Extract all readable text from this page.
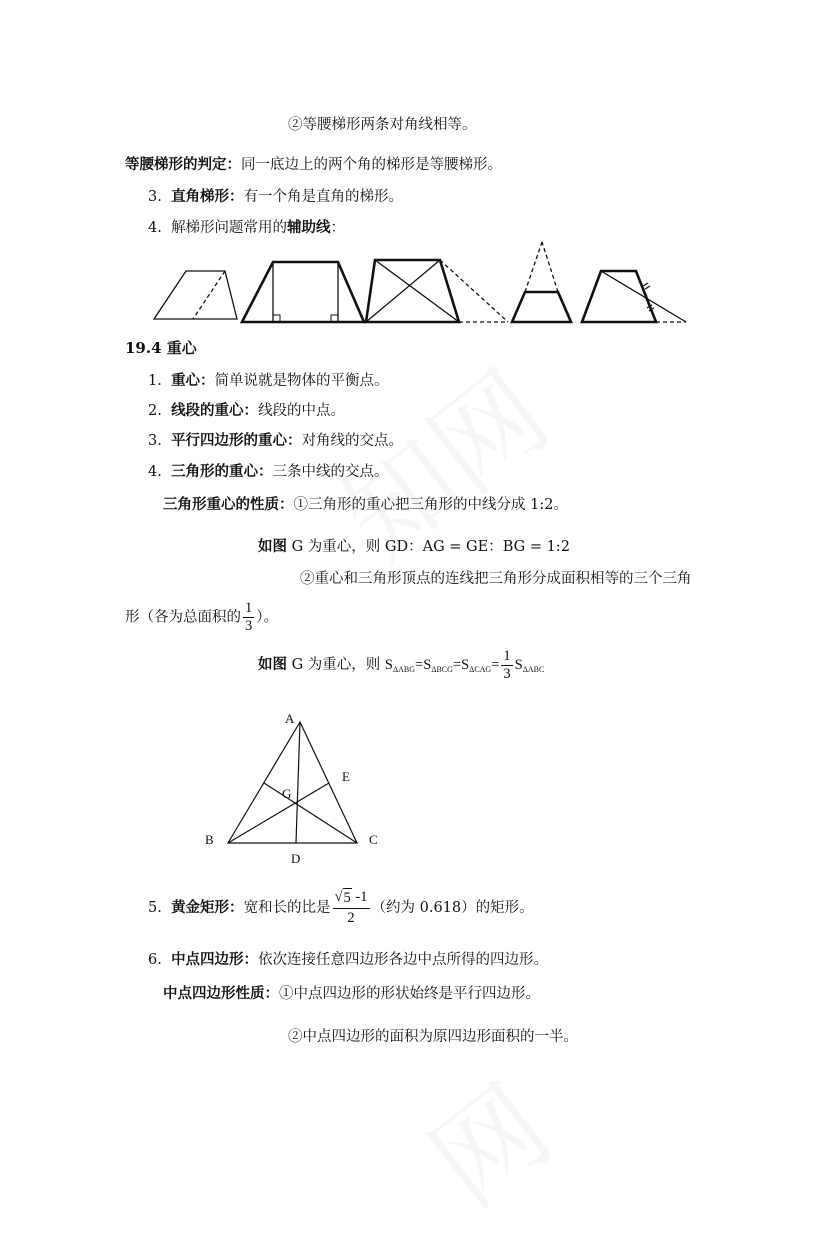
②等腰梯形两条对角线相等。
等腰梯形的判定：同一底边上的两个角的梯形是等腰梯形。
3. 直角梯形：有一个角是直角的梯形。
4. 解梯形问题常用的辅助线：
19.4 重心
1. 重心：简单说就是物体的平衡点。
2. 线段的重心：线段的中点。
3. 平行四边形的重心：对角线的交点。
4. 三角形的重心：三条中线的交点。
三角形重心的性质：①三角形的重心把三角形的中线分成 1:2。
如图 G 为重心，则 GD：AG = GE：BG = 1:2
②重心和三角形顶点的连线把三角形分成面积相等的三个三角
形（各为总面积的 $\frac{1}{3}$ ）。
如图 G 为重心，则 $S_{\Delta ABG}=S_{\Delta BCG}=S_{\Delta CAG}= \frac{1}{3} S_{\Delta ABC}$
A
B	C
D
E
G
5. 黄金矩形：宽和长的比是 $\frac{√ 5 -1}{2}$ （约为 0.618）的矩形。
6. 中点四边形：依次连接任意四边形各边中点所得的四边形。
中点四边形性质：①中点四边形的形状始终是平行四边形。
②中点四边形的面积为原四边形面积的一半。
